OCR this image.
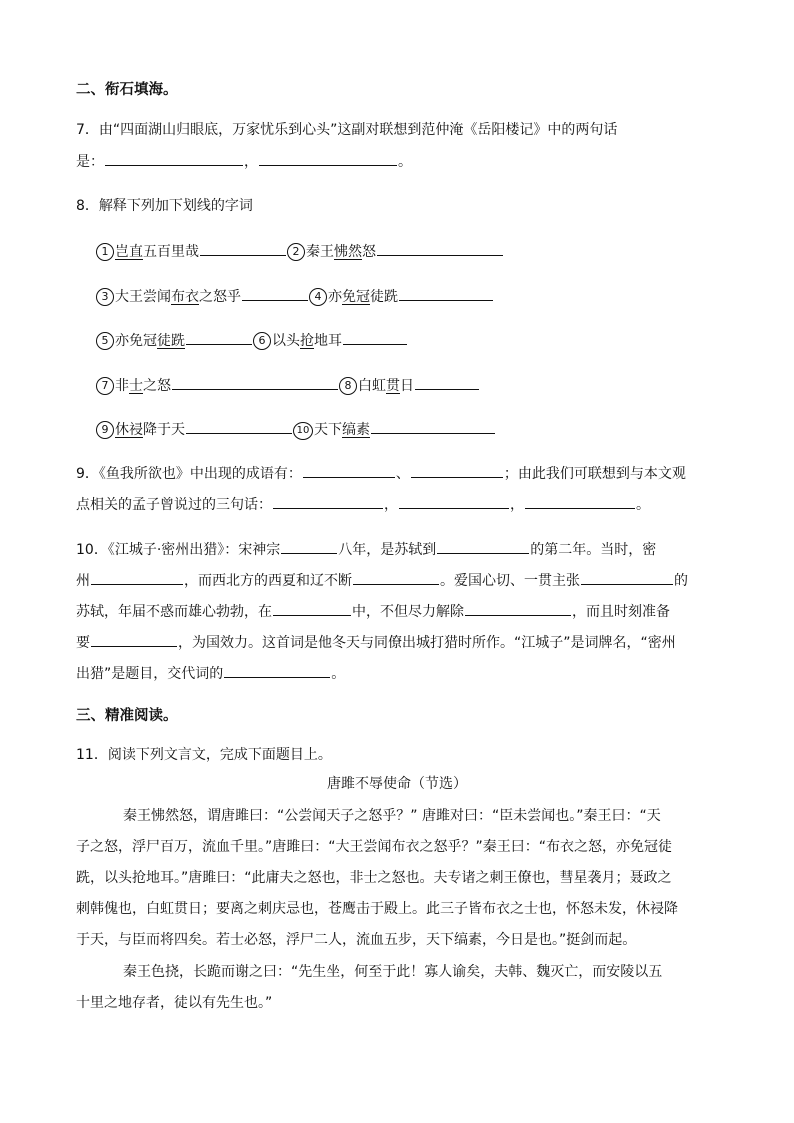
二、衔石填海。
7．由“四面湖山归眼底，万家忧乐到心头”这副对联想到范仲淹《岳阳楼记》中的两句话
是：	，	。
8．解释下列加下划线的字词
1 岂直五百里哉	2 秦王怫然怒
3 大王尝闻布衣之怒乎	4 亦免冠徒跣
5 亦免冠徒跣	6 以头抢地耳
7 非士之怒	8 白虹贯日
9 休祲降于天	10 天下缟素
9．《鱼我所欲也》中出现的成语有：	、	；由此我们可联想到与本文观
点相关的孟子曾说过的三句话：	，	，	。
10．《江城子·密州出猎》：宋神宗	八年，是苏轼到	的第二年。当时，密
州	，而西北方的西夏和辽不断	。爱国心切、一贯主张	的
苏轼，年届不惑而雄心勃勃，在	中，不但尽力解除	，而且时刻准备
要	，为国效力。这首词是他冬天与同僚出城打猎时所作。“江城子”是词牌名，“密州
出猎”是题目，交代词的	。
三、精准阅读。
11．阅读下列文言文，完成下面题目上。
唐雎不辱使命（节选）
秦王怫然怒，谓唐雎曰：“公尝闻天子之怒乎？” 唐雎对曰：“臣未尝闻也。”秦王曰：“天
子之怒，浮尸百万，流血千里。”唐雎曰：“大王尝闻布衣之怒乎？”秦王曰：“布衣之怒，亦免冠徒
跣，以头抢地耳。”唐雎曰：“此庸夫之怒也，非士之怒也。夫专诸之刺王僚也，彗星袭月；聂政之
刺韩傀也，白虹贯日；要离之刺庆忌也，苍鹰击于殿上。此三子皆布衣之士也，怀怒未发，休祲降
于天，与臣而将四矣。若士必怒，浮尸二人，流血五步，天下缟素，今日是也。”挺剑而起。
秦王色挠，长跪而谢之曰：“先生坐，何至于此！寡人谕矣，夫韩、魏灭亡，而安陵以五
十里之地存者，徒以有先生也。”
